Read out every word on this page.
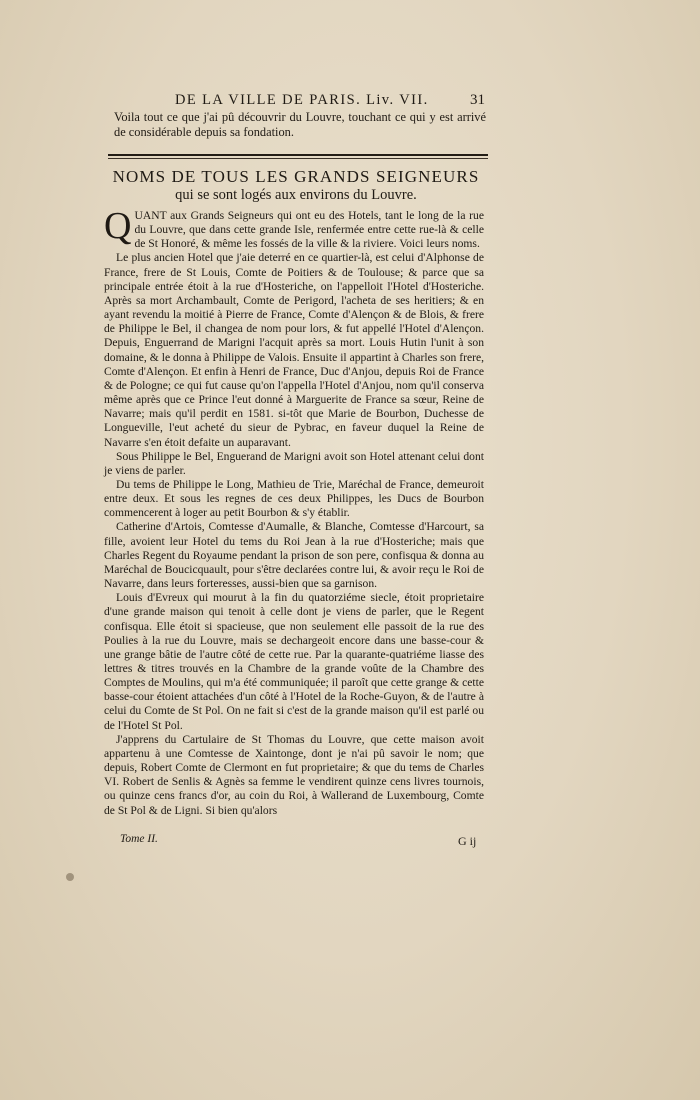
DE LA VILLE DE PARIS. Liv. VII.	31
Voila tout ce que j'ai pû découvrir du Louvre, touchant ce qui y est arrivé de considérable depuis sa fondation.
NOMS DE TOUS LES GRANDS SEIGNEURS
qui se sont logés aux environs du Louvre.

QUANT aux Grands Seigneurs qui ont eu des Hotels, tant le long de la rue du Louvre, que dans cette grande Isle, renfermée entre cette rue-là & celle de St Honoré, & même les fossés de la ville & la riviere. Voici leurs noms.

Le plus ancien Hotel que j'aie deterré en ce quartier-là, est celui d'Alphonse de France, frere de St Louis, Comte de Poitiers & de Toulouse; & parce que sa principale entrée étoit à la rue d'Hosteriche, on l'appelloit l'Hotel d'Hosteriche. Après sa mort Archambault, Comte de Perigord, l'acheta de ses heritiers; & en ayant revendu la moitié à Pierre de France, Comte d'Alençon & de Blois, & frere de Philippe le Bel, il changea de nom pour lors, & fut appellé l'Hotel d'Alençon. Depuis, Enguerrand de Marigni l'acquit après sa mort. Louis Hutin l'unit à son domaine, & le donna à Philippe de Valois. Ensuite il appartint à Charles son frere, Comte d'Alençon. Et enfin à Henri de France, Duc d'Anjou, depuis Roi de France & de Pologne; ce qui fut cause qu'on l'appella l'Hotel d'Anjou, nom qu'il conserva même après que ce Prince l'eut donné à Marguerite de France sa sœur, Reine de Navarre; mais qu'il perdit en 1581. si-tôt que Marie de Bourbon, Duchesse de Longueville, l'eut acheté du sieur de Pybrac, en faveur duquel la Reine de Navarre s'en étoit defaite un auparavant.

Sous Philippe le Bel, Enguerand de Marigni avoit son Hotel attenant celui dont je viens de parler.

Du tems de Philippe le Long, Mathieu de Trie, Maréchal de France, demeuroit entre deux. Et sous les regnes de ces deux Philippes, les Ducs de Bourbon commencerent à loger au petit Bourbon & s'y établir.

Catherine d'Artois, Comtesse d'Aumalle, & Blanche, Comtesse d'Harcourt, sa fille, avoient leur Hotel du tems du Roi Jean à la rue d'Hosteriche; mais que Charles Regent du Royaume pendant la prison de son pere, confisqua & donna au Maréchal de Boucicquault, pour s'être declarées contre lui, & avoir reçu le Roi de Navarre, dans leurs forteresses, aussi-bien que sa garnison.

Louis d'Evreux qui mourut à la fin du quatorziéme siecle, étoit proprietaire d'une grande maison qui tenoit à celle dont je viens de parler, que le Regent confisqua. Elle étoit si spacieuse, que non seulement elle passoit de la rue des Poulies à la rue du Louvre, mais se dechargeoit encore dans une basse-cour & une grange bâtie de l'autre côté de cette rue. Par la quarante-quatriéme liasse des lettres & titres trouvés en la Chambre de la grande voûte de la Chambre des Comptes de Moulins, qui m'a été communiquée; il paroît que cette grange & cette basse-cour étoient attachées d'un côté à l'Hotel de la Roche-Guyon, & de l'autre à celui du Comte de St Pol. On ne fait si c'est de la grande maison qu'il est parlé ou de l'Hotel St Pol.

J'apprens du Cartulaire de St Thomas du Louvre, que cette maison avoit appartenu à une Comtesse de Xaintonge, dont je n'ai pû savoir le nom; que depuis, Robert Comte de Clermont en fut proprietaire; & que du tems de Charles VI. Robert de Senlis & Agnès sa femme le vendirent quinze cens livres tournois, ou quinze cens francs d'or, au coin du Roi, à Wallerand de Luxembourg, Comte de St Pol & de Ligni. Si bien qu'alors

Tome II.	G ij
